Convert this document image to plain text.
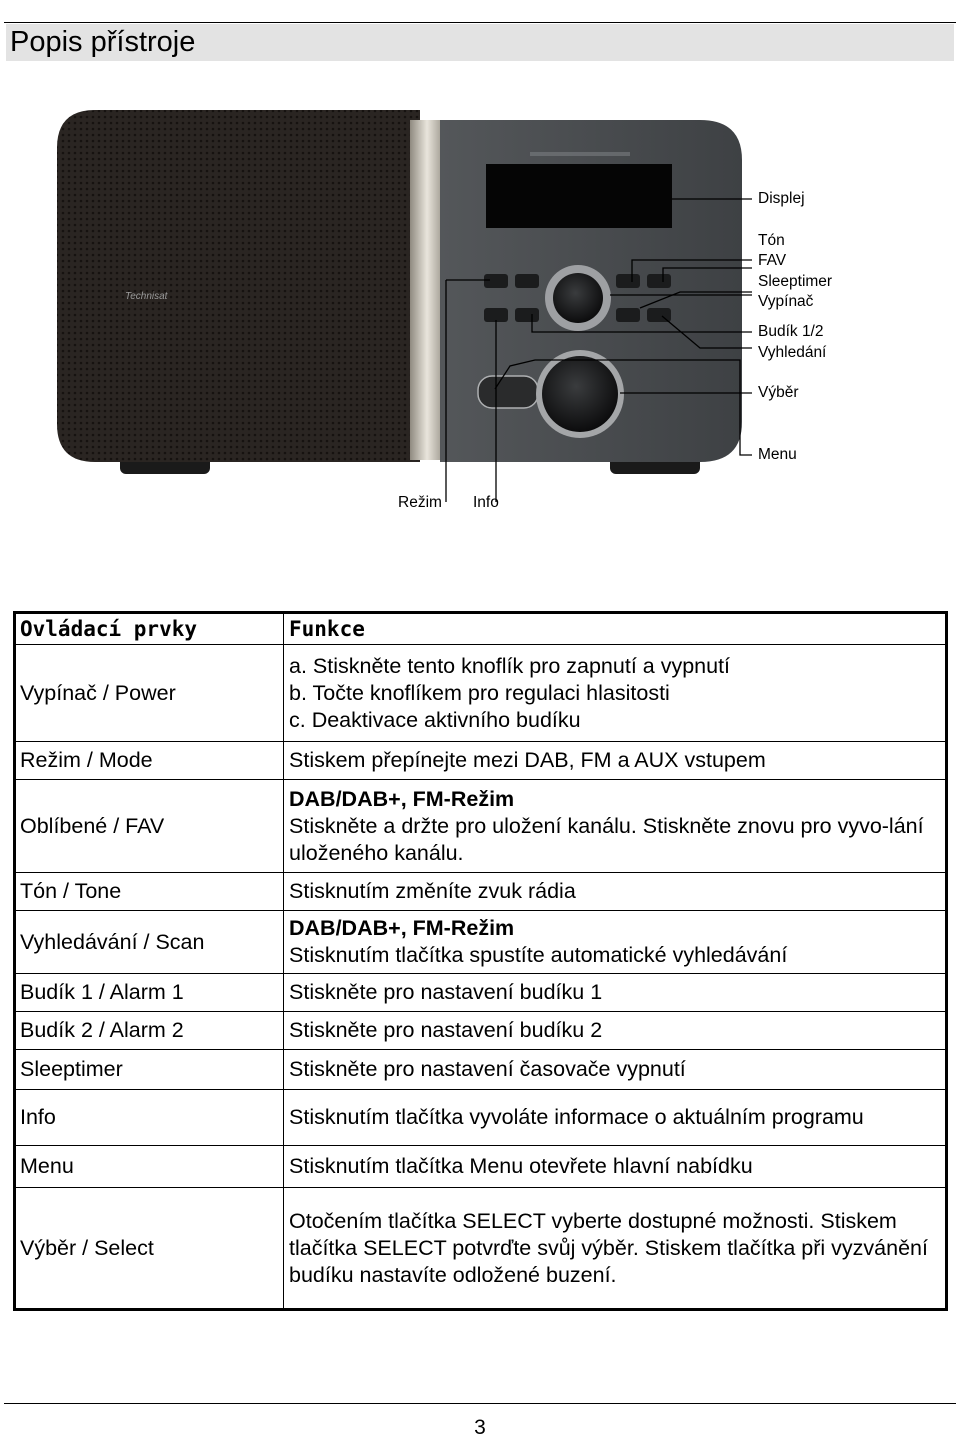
Popis přístroje
Technisat
Displej
Tón
FAV
Sleeptimer
Vypínač
Budík 1/2
Vyhledání
Výběr
Menu
Režim Info
Ovládací prvky	Funkce
Vypínač / Power	a. Stiskněte tento knoflík pro zapnutí a vypnutí
b. Točte knoflíkem pro regulaci hlasitosti
c. Deaktivace aktivního budíku

Režim / Mode	Stiskem přepínejte mezi DAB, FM a AUX vstupem
Oblíbené / FAV	DAB/DAB+, FM-Režim
Stiskněte a držte pro uložení kanálu. Stiskněte znovu pro vyvo-lání uloženého kanálu.

Tón / Tone	Stisknutím změníte zvuk rádia
Vyhledávání / Scan	DAB/DAB+, FM-Režim
Stisknutím tlačítka spustíte automatické vyhledávání

Budík 1 / Alarm 1	Stiskněte pro nastavení budíku 1
Budík 2 / Alarm 2	Stiskněte pro nastavení budíku 2
Sleeptimer	Stiskněte pro nastavení časovače vypnutí
Info	Stisknutím tlačítka vyvoláte informace o aktuálním programu
Menu	Stisknutím tlačítka Menu otevřete hlavní nabídku
Výběr / Select	Otočením tlačítka SELECT vyberte dostupné možnosti. Stiskem tlačítka SELECT potvrďte svůj výběr. Stiskem tlačítka při vyzvánění budíku nastavíte odložené buzení.
3
